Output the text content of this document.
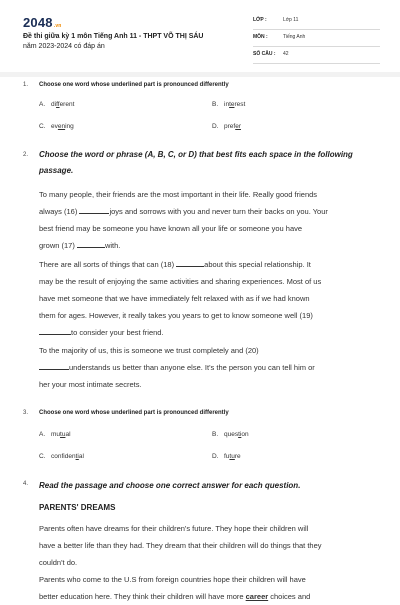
2048.vn
Đề thi giữa kỳ 1 môn Tiếng Anh 11 - THPT VÕ THỊ SÁU
năm 2023-2024 có đáp án
LỚP :	Lớp 11
MÔN :	Tiếng Anh
SỐ CÂU : 42
1. Choose one word whose underlined part is pronounced differently
A. different	B. interest
C. evening	D. prefer
2. Choose the word or phrase (A, B, C, or D) that best fits each space in the following
passage.
To many people, their friends are the most important in their life. Really good friends
always (16)	joys and sorrows with you and never turn their backs on you. Your
best friend may be someone you have known all your life or someone you have
grown (17)	with.
There are all sorts of things that can (18)	about this special relationship. It
may be the result of enjoying the same activities and sharing experiences. Most of us
have met someone that we have immediately felt relaxed with as if we had known
them for ages. However, it really takes you years to get to know someone well (19)
to consider your best friend.
To the majority of us, this is someone we trust completely and (20)
understands us better than anyone else. It's the person you can tell him or
her your most intimate secrets.
3. Choose one word whose underlined part is pronounced differently
A. mutual	B. question
C. confidential	D. future
4. Read the passage and choose one correct answer for each question.
PARENTS' DREAMS
Parents often have dreams for their children's future. They hope their children will
have a better life than they had. They dream that their children will do things that they
couldn't do.
Parents who come to the U.S from foreign countries hope their children will have
better education here. They think their children will have more career choices and
